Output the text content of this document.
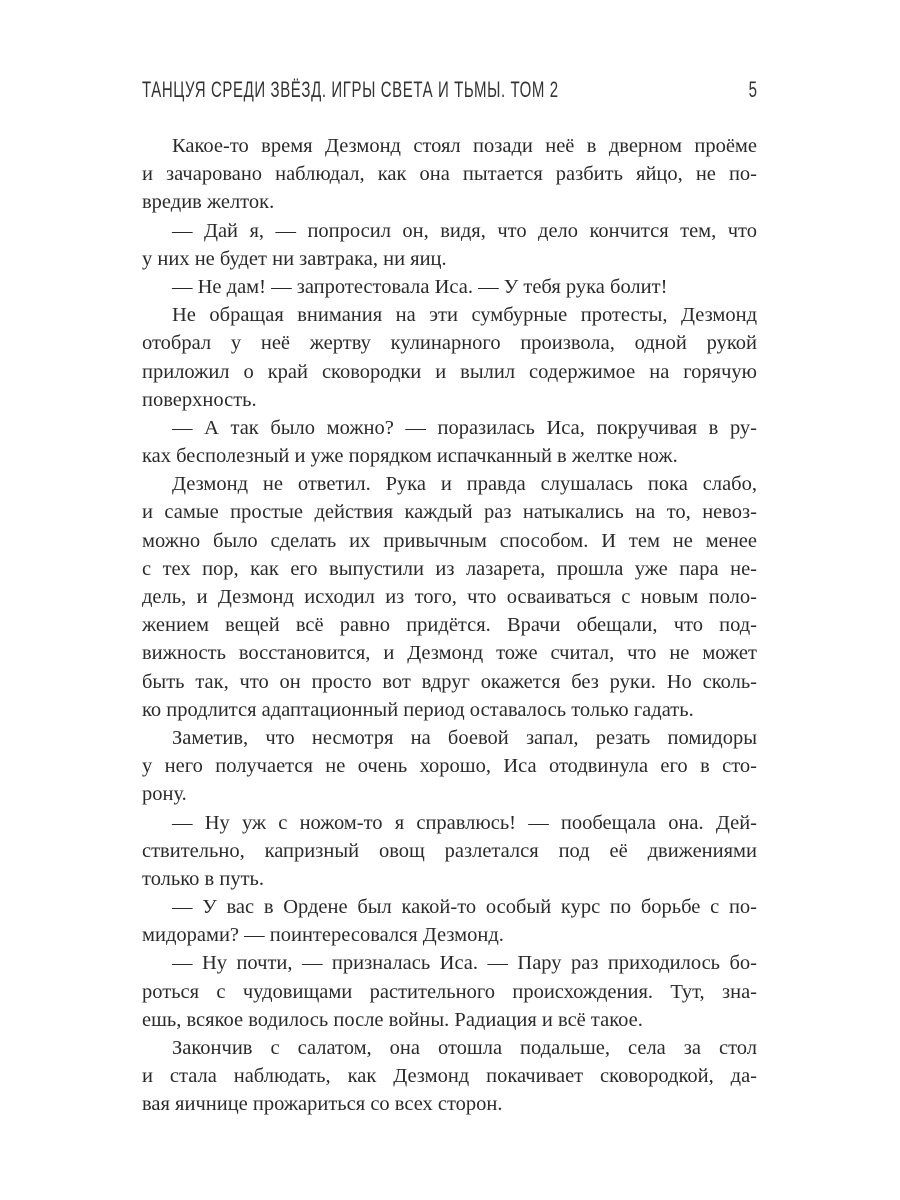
ТАНЦУЯ СРЕДИ ЗВЁЗД. ИГРЫ СВЕТА И ТЬМЫ. ТОМ 2	5
Какое-то время Дезмонд стоял позади неё в дверном проёме
и зачаровано наблюдал, как она пытается разбить яйцо, не по-
вредив желток.
— Дай я, — попросил он, видя, что дело кончится тем, что
у них не будет ни завтрака, ни яиц.
— Не дам! — запротестовала Иса. — У тебя рука болит!
Не обращая внимания на эти сумбурные протесты, Дезмонд
отобрал у неё жертву кулинарного произвола, одной рукой
приложил о край сковородки и вылил содержимое на горячую
поверхность.
— А так было можно? — поразилась Иса, покручивая в ру-
ках бесполезный и уже порядком испачканный в желтке нож.
Дезмонд не ответил. Рука и правда слушалась пока слабо,
и самые простые действия каждый раз натыкались на то, невоз-
можно было сделать их привычным способом. И тем не менее
с тех пор, как его выпустили из лазарета, прошла уже пара не-
дель, и Дезмонд исходил из того, что осваиваться с новым поло-
жением вещей всё равно придётся. Врачи обещали, что под-
вижность восстановится, и Дезмонд тоже считал, что не может
быть так, что он просто вот вдруг окажется без руки. Но сколь-
ко продлится адаптационный период оставалось только гадать.
Заметив, что несмотря на боевой запал, резать помидоры
у него получается не очень хорошо, Иса отодвинула его в сто-
рону.
— Ну уж с ножом-то я справлюсь! — пообещала она. Дей-
ствительно, капризный овощ разлетался под её движениями
только в путь.
— У вас в Ордене был какой-то особый курс по борьбе с по-
мидорами? — поинтересовался Дезмонд.
— Ну почти, — призналась Иса. — Пару раз приходилось бо-
роться с чудовищами растительного происхождения. Тут, зна-
ешь, всякое водилось после войны. Радиация и всё такое.
Закончив с салатом, она отошла подальше, села за стол
и стала наблюдать, как Дезмонд покачивает сковородкой, да-
вая яичнице прожариться со всех сторон.
